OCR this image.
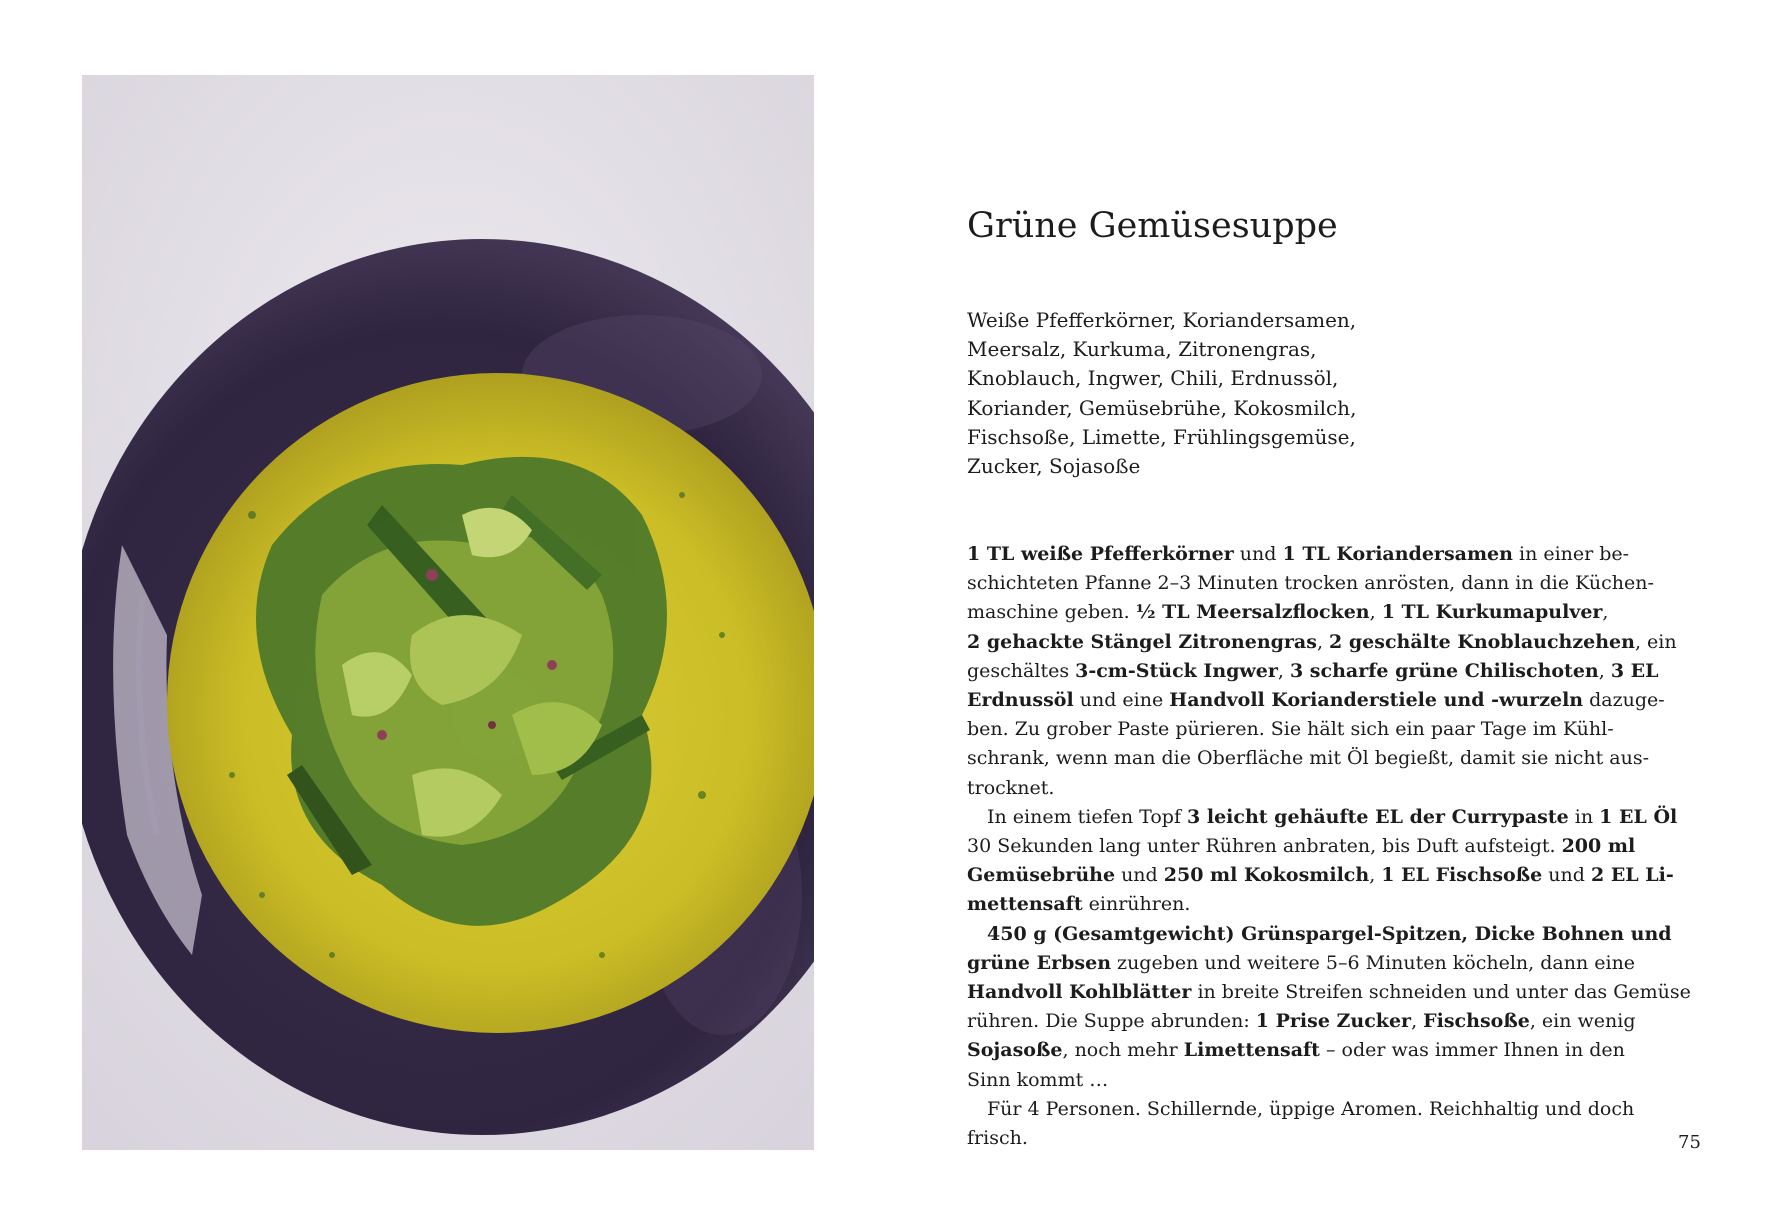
Grüne Gemüsesuppe
Weiße Pfefferkörner, Koriandersamen,
Meersalz, Kurkuma, Zitronengras,
Knoblauch, Ingwer, Chili, Erdnussöl,
Koriander, Gemüsebrühe, Kokosmilch,
Fischsoße, Limette, Frühlingsgemüse,
Zucker, Sojasoße
1 TL weiße Pfefferkörner und 1 TL Koriandersamen in einer be-
schichteten Pfanne 2–3 Minuten trocken anrösten, dann in die Küchen-
maschine geben. ½ TL Meersalzflocken, 1 TL Kurkumapulver,
2 gehackte Stängel Zitronengras, 2 geschälte Knoblauchzehen, ein
geschältes 3-cm-Stück Ingwer, 3 scharfe grüne Chilischoten, 3 EL
Erdnussöl und eine Handvoll Korianderstiele und -wurzeln dazuge-
ben. Zu grober Paste pürieren. Sie hält sich ein paar Tage im Kühl-
schrank, wenn man die Oberfläche mit Öl begießt, damit sie nicht aus-
trocknet.
In einem tiefen Topf 3 leicht gehäufte EL der Currypaste in 1 EL Öl
30 Sekunden lang unter Rühren anbraten, bis Duft aufsteigt. 200 ml
Gemüsebrühe und 250 ml Kokosmilch, 1 EL Fischsoße und 2 EL Li-
mettensaft einrühren.
450 g (Gesamtgewicht) Grünspargel-Spitzen, Dicke Bohnen und
grüne Erbsen zugeben und weitere 5–6 Minuten köcheln, dann eine
Handvoll Kohlblätter in breite Streifen schneiden und unter das Gemüse
rühren. Die Suppe abrunden: 1 Prise Zucker, Fischsoße, ein wenig
Sojasoße, noch mehr Limettensaft – oder was immer Ihnen in den
Sinn kommt …
Für 4 Personen. Schillernde, üppige Aromen. Reichhaltig und doch
frisch.	75
